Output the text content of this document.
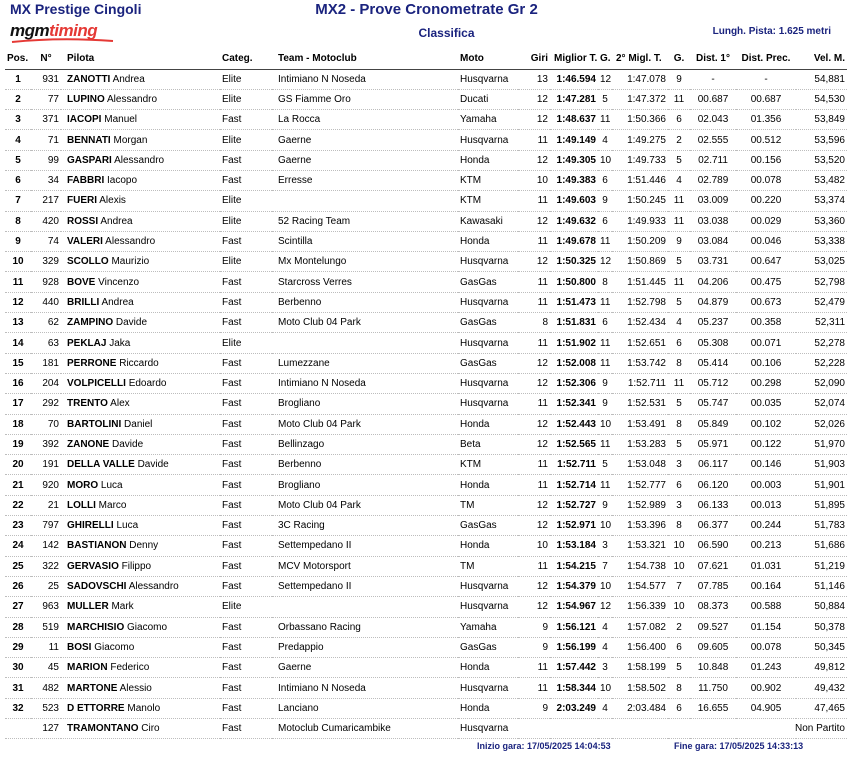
MX Prestige Cingoli	MX2 - Prove Cronometrate Gr 2
mgmtiming	Classifica	Lungh. Pista: 1.625 metri
Pos.	N°	Pilota	Categ.	Team - Motoclub	Moto	Giri	Miglior T.	G.	2° Migl. T.	G.	Dist. 1°	Dist. Prec.	Vel. M.
1	931	ZANOTTI Andrea	Elite	Intimiano N Noseda	Husqvarna	13	1:46.594	12	1:47.078	9	-	-	54,881
2	77	LUPINO Alessandro	Elite	GS Fiamme Oro	Ducati	12	1:47.281	5	1:47.372	11	00.687	00.687	54,530
3	371	IACOPI Manuel	Fast	La Rocca	Yamaha	12	1:48.637	11	1:50.366	6	02.043	01.356	53,849
4	71	BENNATI Morgan	Elite	Gaerne	Husqvarna	11	1:49.149	4	1:49.275	2	02.555	00.512	53,596
5	99	GASPARI Alessandro	Fast	Gaerne	Honda	12	1:49.305	10	1:49.733	5	02.711	00.156	53,520
6	34	FABBRI Iacopo	Fast	Erresse	KTM	10	1:49.383	6	1:51.446	4	02.789	00.078	53,482
7	217	FUERI Alexis	Elite		KTM	11	1:49.603	9	1:50.245	11	03.009	00.220	53,374
8	420	ROSSI Andrea	Elite	52 Racing Team	Kawasaki	12	1:49.632	6	1:49.933	11	03.038	00.029	53,360
9	74	VALERI Alessandro	Fast	Scintilla	Honda	11	1:49.678	11	1:50.209	9	03.084	00.046	53,338
10	329	SCOLLO Maurizio	Elite	Mx Montelungo	Husqvarna	12	1:50.325	12	1:50.869	5	03.731	00.647	53,025
11	928	BOVE Vincenzo	Fast	Starcross Verres	GasGas	11	1:50.800	8	1:51.445	11	04.206	00.475	52,798
12	440	BRILLI Andrea	Fast	Berbenno	Husqvarna	11	1:51.473	11	1:52.798	5	04.879	00.673	52,479
13	62	ZAMPINO Davide	Fast	Moto Club 04 Park	GasGas	8	1:51.831	6	1:52.434	4	05.237	00.358	52,311
14	63	PEKLAJ Jaka	Elite		Husqvarna	11	1:51.902	11	1:52.651	6	05.308	00.071	52,278
15	181	PERRONE Riccardo	Fast	Lumezzane	GasGas	12	1:52.008	11	1:53.742	8	05.414	00.106	52,228
16	204	VOLPICELLI Edoardo	Fast	Intimiano N Noseda	Husqvarna	12	1:52.306	9	1:52.711	11	05.712	00.298	52,090
17	292	TRENTO Alex	Fast	Brogliano	Husqvarna	11	1:52.341	9	1:52.531	5	05.747	00.035	52,074
18	70	BARTOLINI Daniel	Fast	Moto Club 04 Park	Honda	12	1:52.443	10	1:53.491	8	05.849	00.102	52,026
19	392	ZANONE Davide	Fast	Bellinzago	Beta	12	1:52.565	11	1:53.283	5	05.971	00.122	51,970
20	191	DELLA VALLE Davide	Fast	Berbenno	KTM	11	1:52.711	5	1:53.048	3	06.117	00.146	51,903
21	920	MORO Luca	Fast	Brogliano	Honda	11	1:52.714	11	1:52.777	6	06.120	00.003	51,901
22	21	LOLLI Marco	Fast	Moto Club 04 Park	TM	12	1:52.727	9	1:52.989	3	06.133	00.013	51,895
23	797	GHIRELLI Luca	Fast	3C Racing	GasGas	12	1:52.971	10	1:53.396	8	06.377	00.244	51,783
24	142	BASTIANON Denny	Fast	Settempedano II	Honda	10	1:53.184	3	1:53.321	10	06.590	00.213	51,686
25	322	GERVASIO Filippo	Fast	MCV Motorsport	TM	11	1:54.215	7	1:54.738	10	07.621	01.031	51,219
26	25	SADOVSCHI Alessandro	Fast	Settempedano II	Husqvarna	12	1:54.379	10	1:54.577	7	07.785	00.164	51,146
27	963	MULLER Mark	Elite		Husqvarna	12	1:54.967	12	1:56.339	10	08.373	00.588	50,884
28	519	MARCHISIO Giacomo	Fast	Orbassano Racing	Yamaha	9	1:56.121	4	1:57.082	2	09.527	01.154	50,378
29	11	BOSI Giacomo	Fast	Predappio	GasGas	9	1:56.199	4	1:56.400	6	09.605	00.078	50,345
30	45	MARION Federico	Fast	Gaerne	Honda	11	1:57.442	3	1:58.199	5	10.848	01.243	49,812
31	482	MARTONE Alessio	Fast	Intimiano N Noseda	Husqvarna	11	1:58.344	10	1:58.502	8	11.750	00.902	49,432
32	523	D ETTORRE Manolo	Fast	Lanciano	Honda	9	2:03.249	4	2:03.484	6	16.655	04.905	47,465
	127	TRAMONTANO Ciro	Fast	Motoclub Cumaricambike	Husqvarna	Non Partito							
Inizio gara: 17/05/2025 14:04:53	Fine gara: 17/05/2025 14:33:13
